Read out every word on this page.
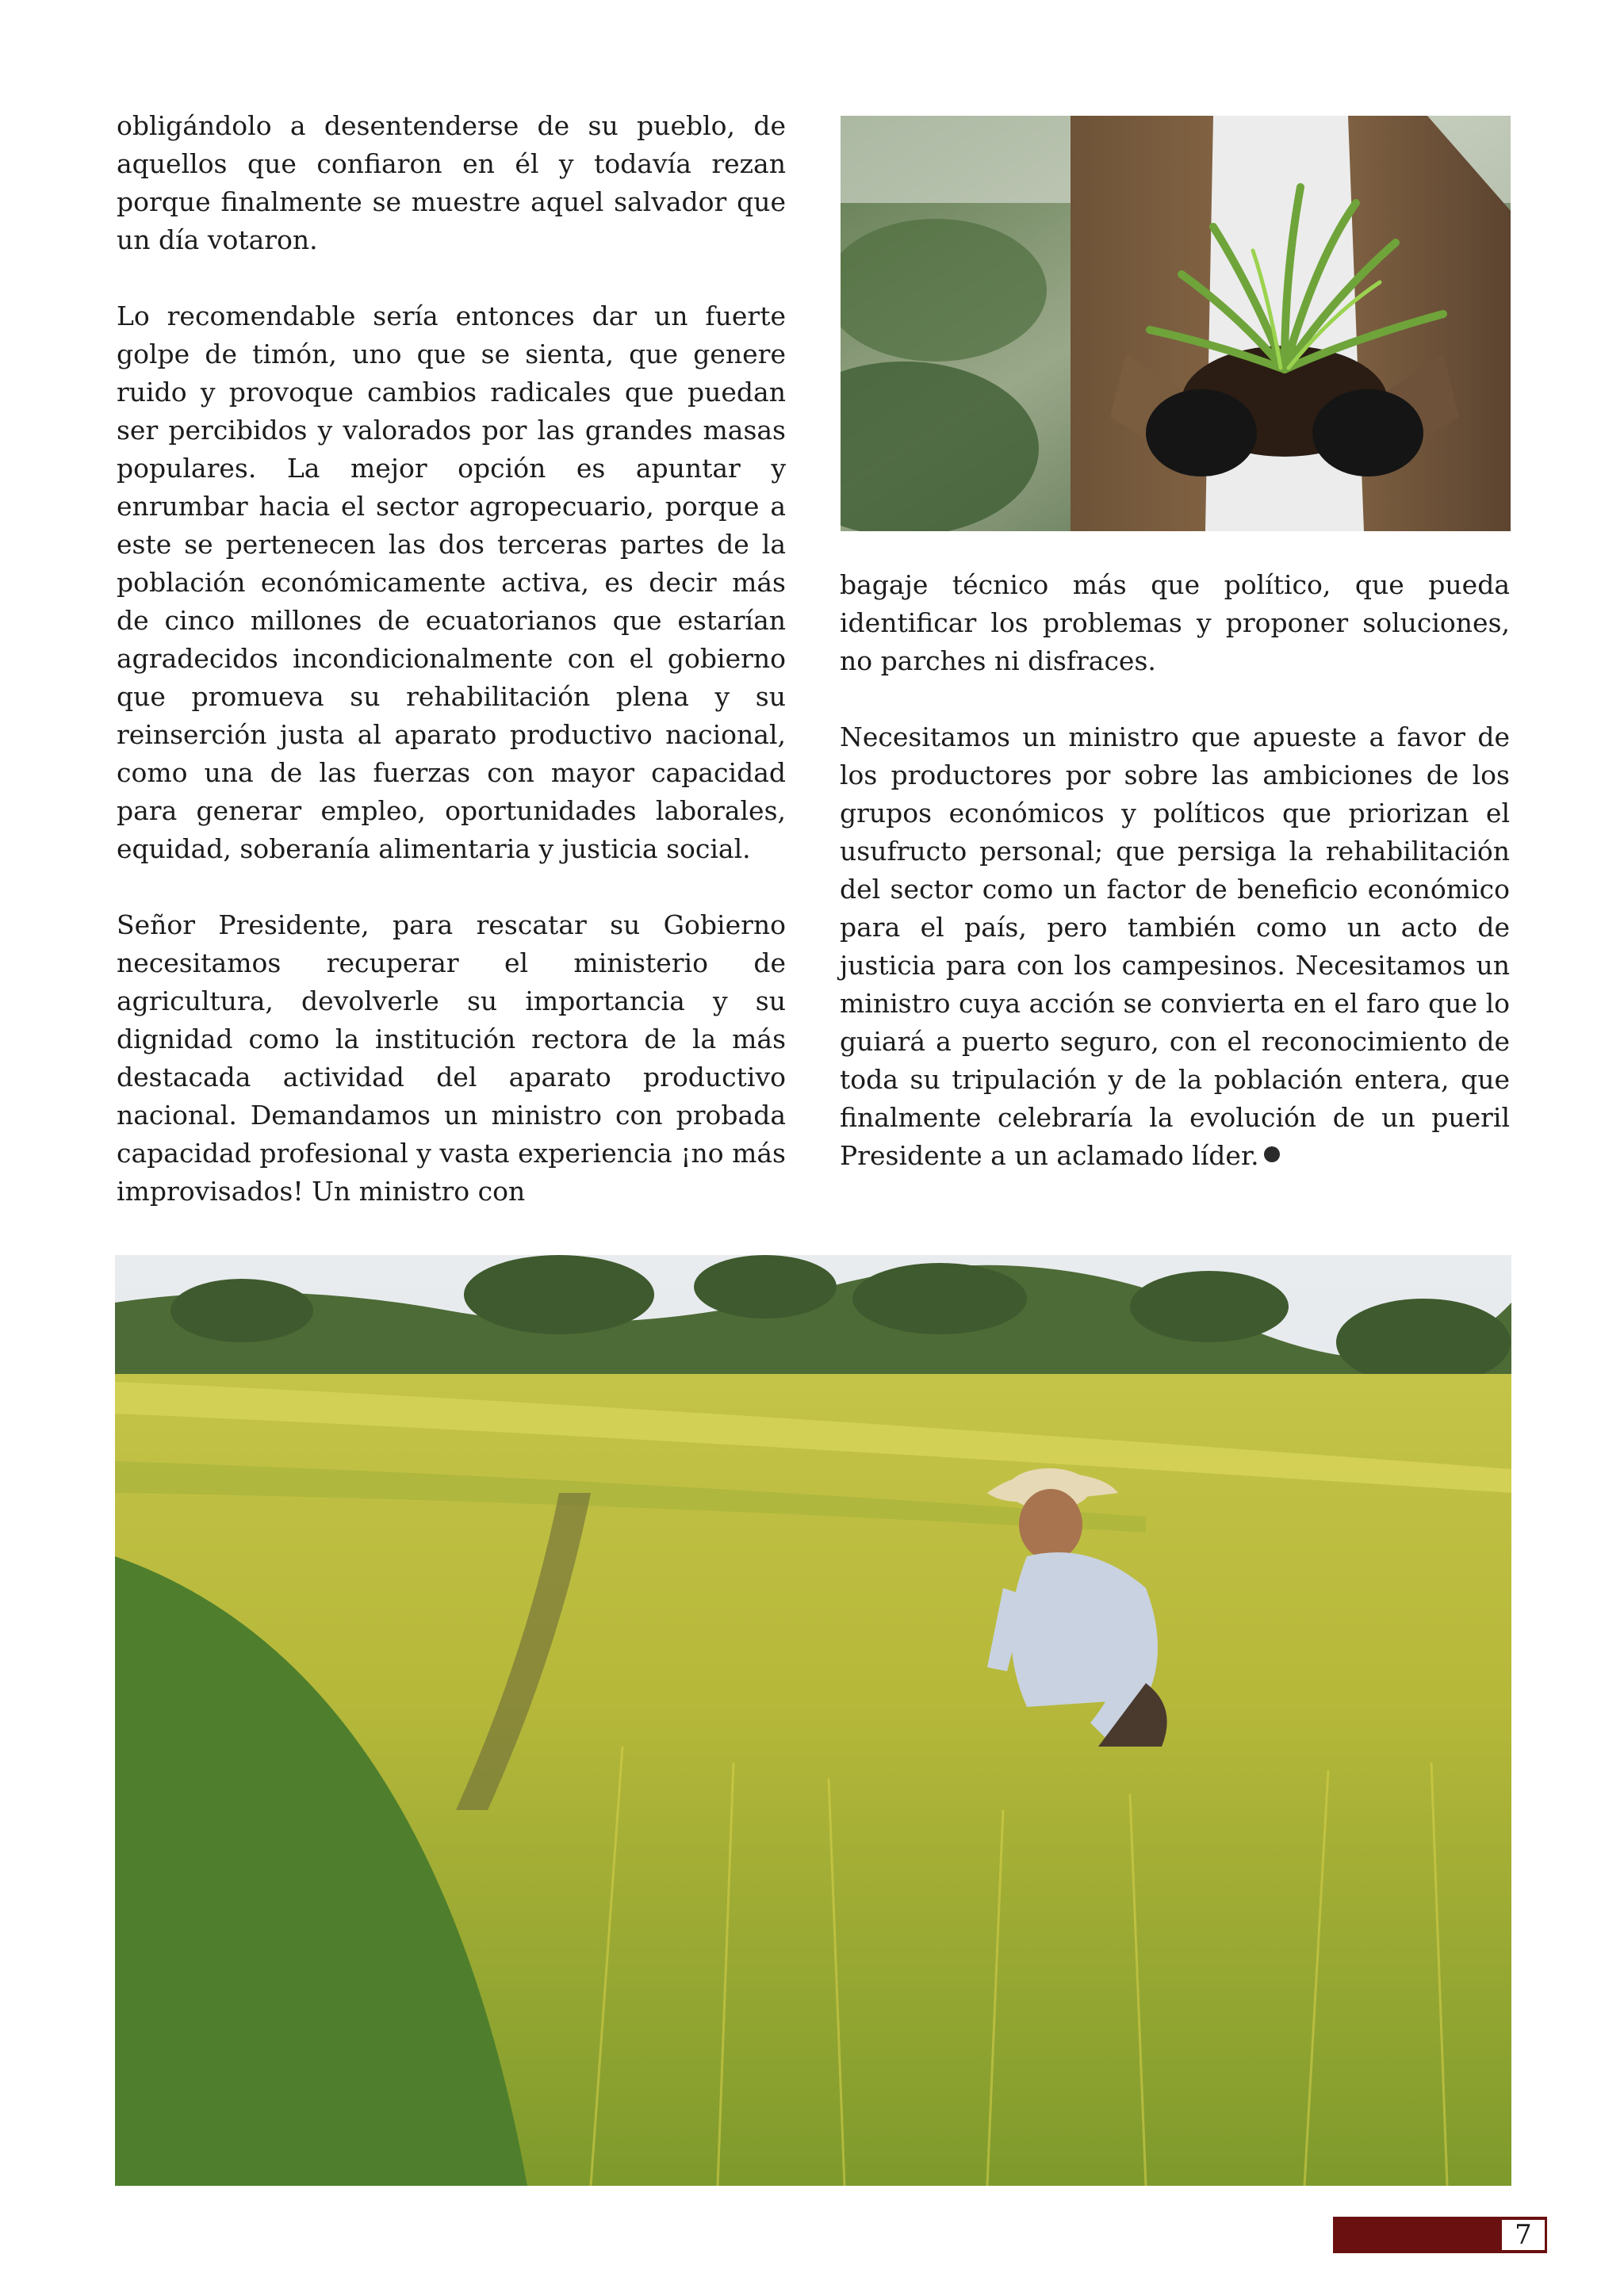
obligándolo a desentenderse de su pueblo, de aquellos que confiaron en él y todavía rezan porque finalmente se muestre aquel salvador que un día votaron.

Lo recomendable sería entonces dar un fuerte golpe de timón, uno que se sienta, que genere ruido y provoque cambios radicales que puedan ser percibidos y valorados por las grandes masas populares. La mejor opción es apuntar y enrumbar hacia el sector agropecuario, porque a este se pertenecen las dos terceras partes de la población económicamente activa, es decir más de cinco millones de ecuatorianos que estarían agradecidos incondicionalmente con el gobierno que promueva su rehabilitación plena y su reinserción justa al aparato productivo nacional, como una de las fuerzas con mayor capacidad para generar empleo, oportunidades laborales, equidad, soberanía alimentaria y justicia social.

Señor Presidente, para rescatar su Gobierno necesitamos recuperar el ministerio de agricultura, devolverle su importancia y su dignidad como la institución rectora de la más destacada actividad del aparato productivo nacional. Demandamos un ministro con probada capacidad profesional y vasta experiencia ¡no más improvisados! Un ministro con

bagaje técnico más que político, que pueda identificar los problemas y proponer soluciones, no parches ni disfraces.

Necesitamos un ministro que apueste a favor de los productores por sobre las ambiciones de los grupos económicos y políticos que priorizan el usufructo personal; que persiga la rehabilitación del sector como un factor de beneficio económico para el país, pero también como un acto de justicia para con los campesinos. Necesitamos un ministro cuya acción se convierta en el faro que lo guiará a puerto seguro, con el reconocimiento de toda su tripulación y de la población entera, que finalmente celebraría la evolución de un pueril Presidente a un aclamado líder.

7
